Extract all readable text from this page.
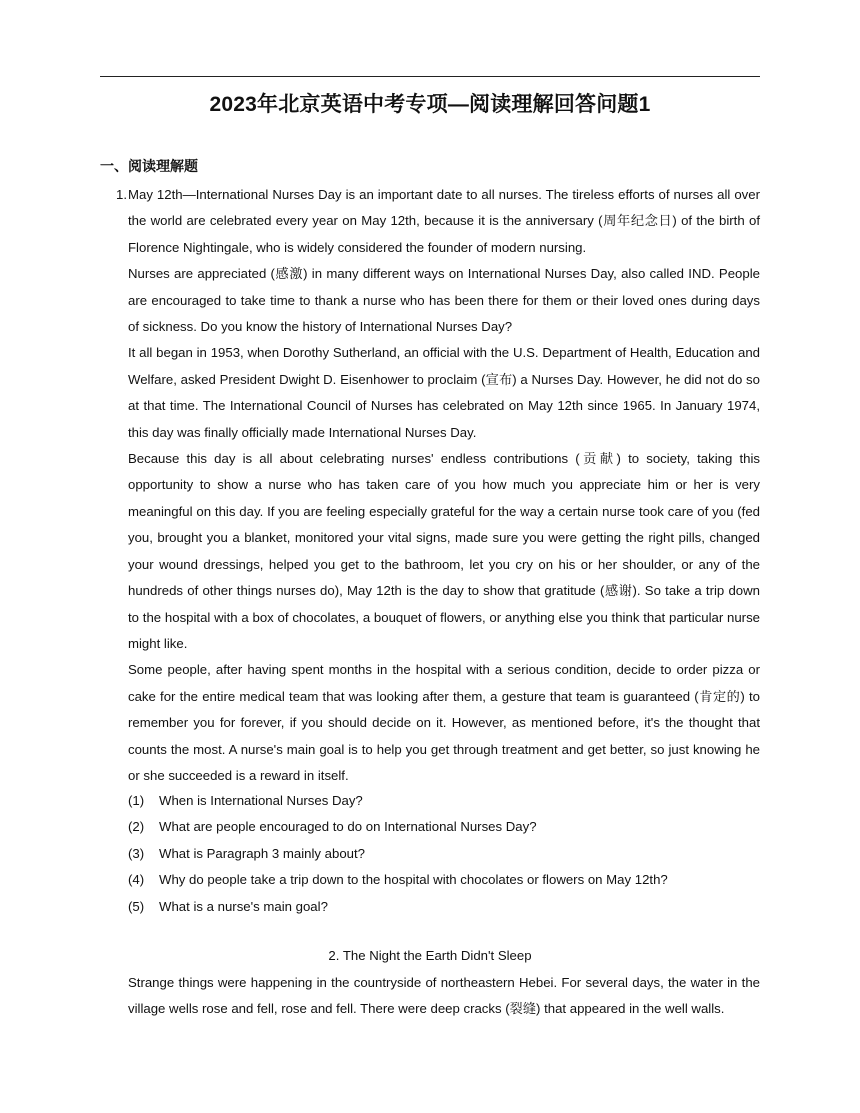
2023年北京英语中考专项—阅读理解回答问题1
一、阅读理解题
1. May 12th—International Nurses Day is an important date to all nurses. The tireless efforts of nurses all over the world are celebrated every year on May 12th, because it is the anniversary (周年纪念日) of the birth of Florence Nightingale, who is widely considered the founder of modern nursing.

Nurses are appreciated (感激) in many different ways on International Nurses Day, also called IND. People are encouraged to take time to thank a nurse who has been there for them or their loved ones during days of sickness. Do you know the history of International Nurses Day?

It all began in 1953, when Dorothy Sutherland, an official with the U.S. Department of Health, Education and Welfare, asked President Dwight D. Eisenhower to proclaim (宣布) a Nurses Day. However, he did not do so at that time. The International Council of Nurses has celebrated on May 12th since 1965. In January 1974, this day was finally officially made International Nurses Day.

Because this day is all about celebrating nurses' endless contributions (贡献) to society, taking this opportunity to show a nurse who has taken care of you how much you appreciate him or her is very meaningful on this day. If you are feeling especially grateful for the way a certain nurse took care of you (fed you, brought you a blanket, monitored your vital signs, made sure you were getting the right pills, changed your wound dressings, helped you get to the bathroom, let you cry on his or her shoulder, or any of the hundreds of other things nurses do), May 12th is the day to show that gratitude (感谢). So take a trip down to the hospital with a box of chocolates, a bouquet of flowers, or anything else you think that particular nurse might like.

Some people, after having spent months in the hospital with a serious condition, decide to order pizza or cake for the entire medical team that was looking after them, a gesture that team is guaranteed (肯定的) to remember you for forever, if you should decide on it. However, as mentioned before, it's the thought that counts the most. A nurse's main goal is to help you get through treatment and get better, so just knowing he or she succeeded is a reward in itself.

(1)	When is International Nurses Day?
(2)	What are people encouraged to do on International Nurses Day?
(3)	What is Paragraph 3 mainly about?
(4)	Why do people take a trip down to the hospital with chocolates or flowers on May 12th?
(5)	What is a nurse's main goal?
2. The Night the Earth Didn't Sleep

Strange things were happening in the countryside of northeastern Hebei. For several days, the water in the village wells rose and fell, rose and fell. There were deep cracks (裂缝) that appeared in the well walls.
